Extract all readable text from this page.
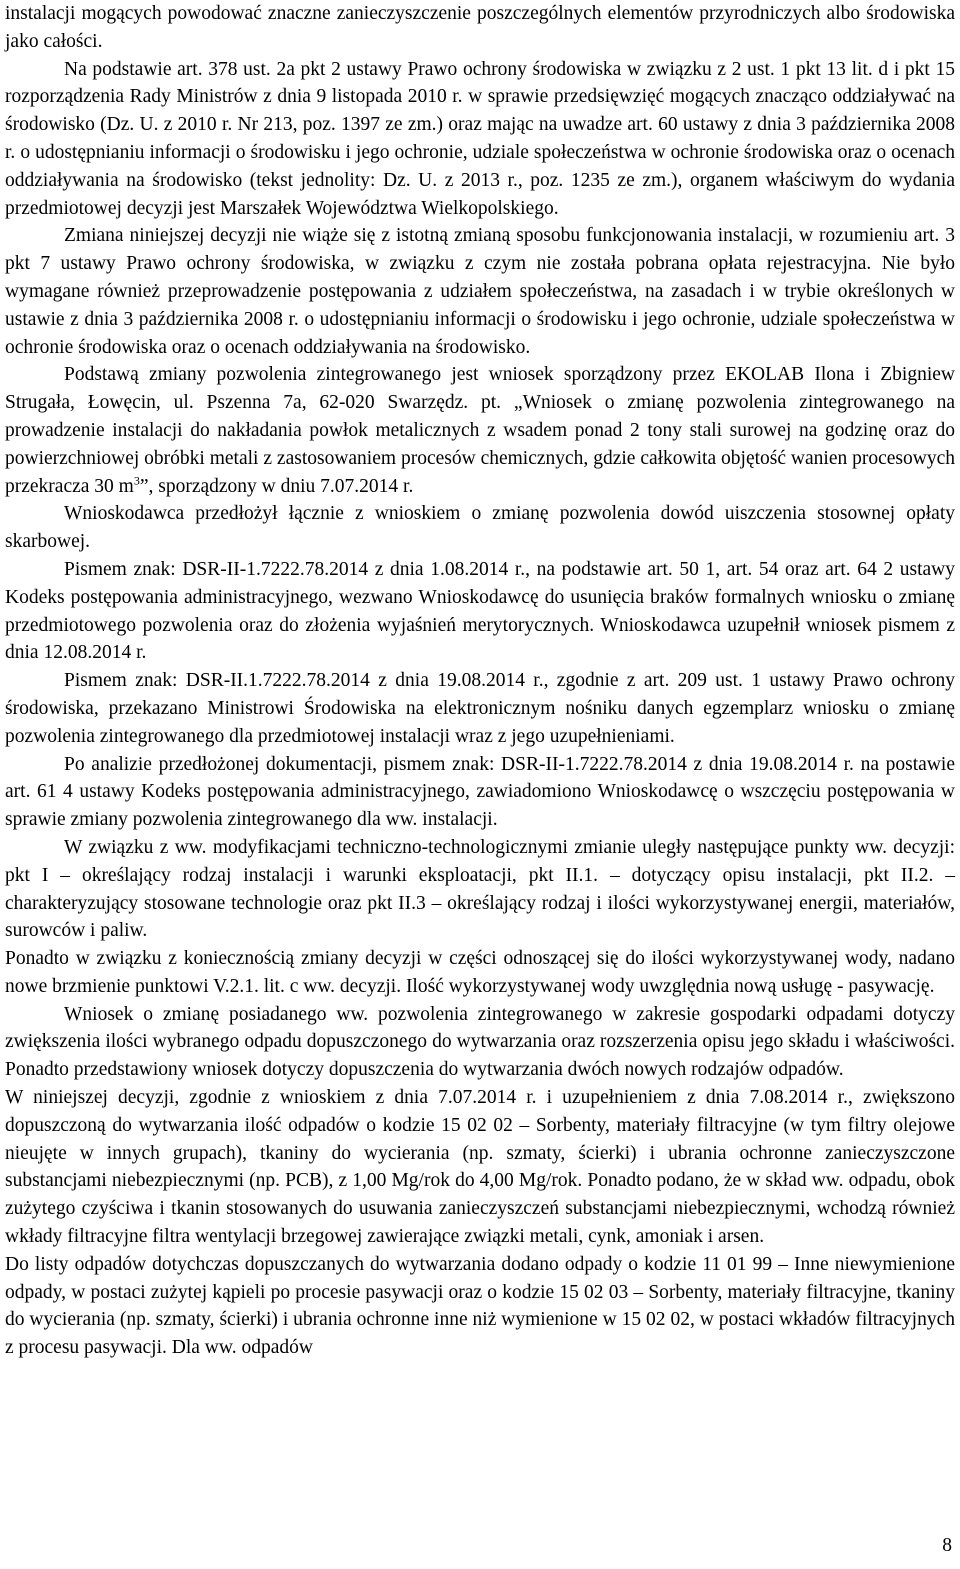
instalacji mogących powodować znaczne zanieczyszczenie poszczególnych elementów przyrodniczych albo środowiska jako całości.

Na podstawie art. 378 ust. 2a pkt 2 ustawy Prawo ochrony środowiska w związku z 2 ust. 1 pkt 13 lit. d i pkt 15 rozporządzenia Rady Ministrów z dnia 9 listopada 2010 r. w sprawie przedsięwzięć mogących znacząco oddziaływać na środowisko (Dz. U. z 2010 r. Nr 213, poz. 1397 ze zm.) oraz mając na uwadze art. 60 ustawy z dnia 3 października 2008 r. o udostępnianiu informacji o środowisku i jego ochronie, udziale społeczeństwa w ochronie środowiska oraz o ocenach oddziaływania na środowisko (tekst jednolity: Dz. U. z 2013 r., poz. 1235 ze zm.), organem właściwym do wydania przedmiotowej decyzji jest Marszałek Województwa Wielkopolskiego.

Zmiana niniejszej decyzji nie wiąże się z istotną zmianą sposobu funkcjonowania instalacji, w rozumieniu art. 3 pkt 7 ustawy Prawo ochrony środowiska, w związku z czym nie została pobrana opłata rejestracyjna. Nie było wymagane również przeprowadzenie postępowania z udziałem społeczeństwa, na zasadach i w trybie określonych w ustawie z dnia 3 października 2008 r. o udostępnianiu informacji o środowisku i jego ochronie, udziale społeczeństwa w ochronie środowiska oraz o ocenach oddziaływania na środowisko.

Podstawą zmiany pozwolenia zintegrowanego jest wniosek sporządzony przez EKOLAB Ilona i Zbigniew Strugała, Łowęcin, ul. Pszenna 7a, 62-020 Swarzędz. pt. „Wniosek o zmianę pozwolenia zintegrowanego na prowadzenie instalacji do nakładania powłok metalicznych z wsadem ponad 2 tony stali surowej na godzinę oraz do powierzchniowej obróbki metali z zastosowaniem procesów chemicznych, gdzie całkowita objętość wanien procesowych przekracza 30 $m^3$”, sporządzony w dniu 7.07.2014 r.

Wnioskodawca przedłożył łącznie z wnioskiem o zmianę pozwolenia dowód uiszczenia stosownej opłaty skarbowej.

Pismem znak: DSR-II-1.7222.78.2014 z dnia 1.08.2014 r., na podstawie art. 50 1, art. 54 oraz art. 64 2 ustawy Kodeks postępowania administracyjnego, wezwano Wnioskodawcę do usunięcia braków formalnych wniosku o zmianę przedmiotowego pozwolenia oraz do złożenia wyjaśnień merytorycznych. Wnioskodawca uzupełnił wniosek pismem z dnia 12.08.2014 r.

Pismem znak: DSR-II.1.7222.78.2014 z dnia 19.08.2014 r., zgodnie z art. 209 ust. 1 ustawy Prawo ochrony środowiska, przekazano Ministrowi Środowiska na elektronicznym nośniku danych egzemplarz wniosku o zmianę pozwolenia zintegrowanego dla przedmiotowej instalacji wraz z jego uzupełnieniami.

Po analizie przedłożonej dokumentacji, pismem znak: DSR-II-1.7222.78.2014 z dnia 19.08.2014 r. na postawie art. 61 4 ustawy Kodeks postępowania administracyjnego, zawiadomiono Wnioskodawcę o wszczęciu postępowania w sprawie zmiany pozwolenia zintegrowanego dla ww. instalacji.

W związku z ww. modyfikacjami techniczno-technologicznymi zmianie uległy następujące punkty ww. decyzji: pkt I – określający rodzaj instalacji i warunki eksploatacji, pkt II.1. – dotyczący opisu instalacji, pkt II.2. – charakteryzujący stosowane technologie oraz pkt II.3 – określający rodzaj i ilości wykorzystywanej energii, materiałów, surowców i paliw.

Ponadto w związku z koniecznością zmiany decyzji w części odnoszącej się do ilości wykorzystywanej wody, nadano nowe brzmienie punktowi V.2.1. lit. c ww. decyzji. Ilość wykorzystywanej wody uwzględnia nową usługę - pasywację.

Wniosek o zmianę posiadanego ww. pozwolenia zintegrowanego w zakresie gospodarki odpadami dotyczy zwiększenia ilości wybranego odpadu dopuszczonego do wytwarzania oraz rozszerzenia opisu jego składu i właściwości. Ponadto przedstawiony wniosek dotyczy dopuszczenia do wytwarzania dwóch nowych rodzajów odpadów.

W niniejszej decyzji, zgodnie z wnioskiem z dnia 7.07.2014 r. i uzupełnieniem z dnia 7.08.2014 r., zwiększono dopuszczoną do wytwarzania ilość odpadów o kodzie 15 02 02 – Sorbenty, materiały filtracyjne (w tym filtry olejowe nieujęte w innych grupach), tkaniny do wycierania (np. szmaty, ścierki) i ubrania ochronne zanieczyszczone substancjami niebezpiecznymi (np. PCB), z 1,00 Mg/rok do 4,00 Mg/rok. Ponadto podano, że w skład ww. odpadu, obok zużytego czyściwa i tkanin stosowanych do usuwania zanieczyszczeń substancjami niebezpiecznymi, wchodzą również wkłady filtracyjne filtra wentylacji brzegowej zawierające związki metali, cynk, amoniak i arsen.

Do listy odpadów dotychczas dopuszczanych do wytwarzania dodano odpady o kodzie 11 01 99 – Inne niewymienione odpady, w postaci zużytej kąpieli po procesie pasywacji oraz o kodzie 15 02 03 – Sorbenty, materiały filtracyjne, tkaniny do wycierania (np. szmaty, ścierki) i ubrania ochronne inne niż wymienione w 15 02 02, w postaci wkładów filtracyjnych z procesu pasywacji. Dla ww. odpadów

8
